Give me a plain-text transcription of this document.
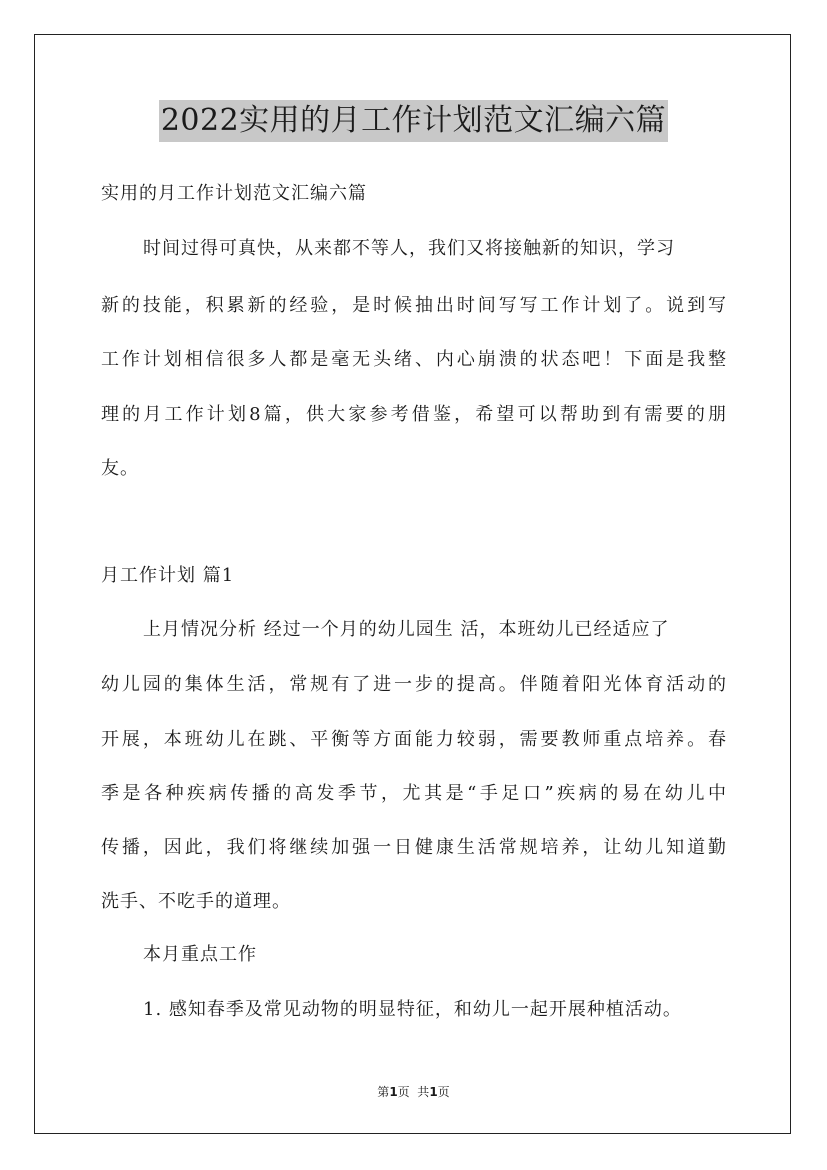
2022实用的月工作计划范文汇编六篇
实用的月工作计划范文汇编六篇
时间过得可真快，从来都不等人，我们又将接触新的知识，学习
新的技能，积累新的经验，是时候抽出时间写写工作计划了。说到写
工作计划相信很多人都是毫无头绪、内心崩溃的状态吧！下面是我整
理的月工作计划8篇，供大家参考借鉴，希望可以帮助到有需要的朋
友。
月工作计划 篇1
上月情况分析 经过一个月的幼儿园生 活，本班幼儿已经适应了
幼儿园的集体生活，常规有了进一步的提高。伴随着阳光体育活动的
开展，本班幼儿在跳、平衡等方面能力较弱，需要教师重点培养。春
季是各种疾病传播的高发季节，尤其是“手足口”疾病的易在幼儿中
传播，因此，我们将继续加强一日健康生活常规培养，让幼儿知道勤
洗手、不吃手的道理。
本月重点工作
1. 感知春季及常见动物的明显特征，和幼儿一起开展种植活动。
第1页  共1页
